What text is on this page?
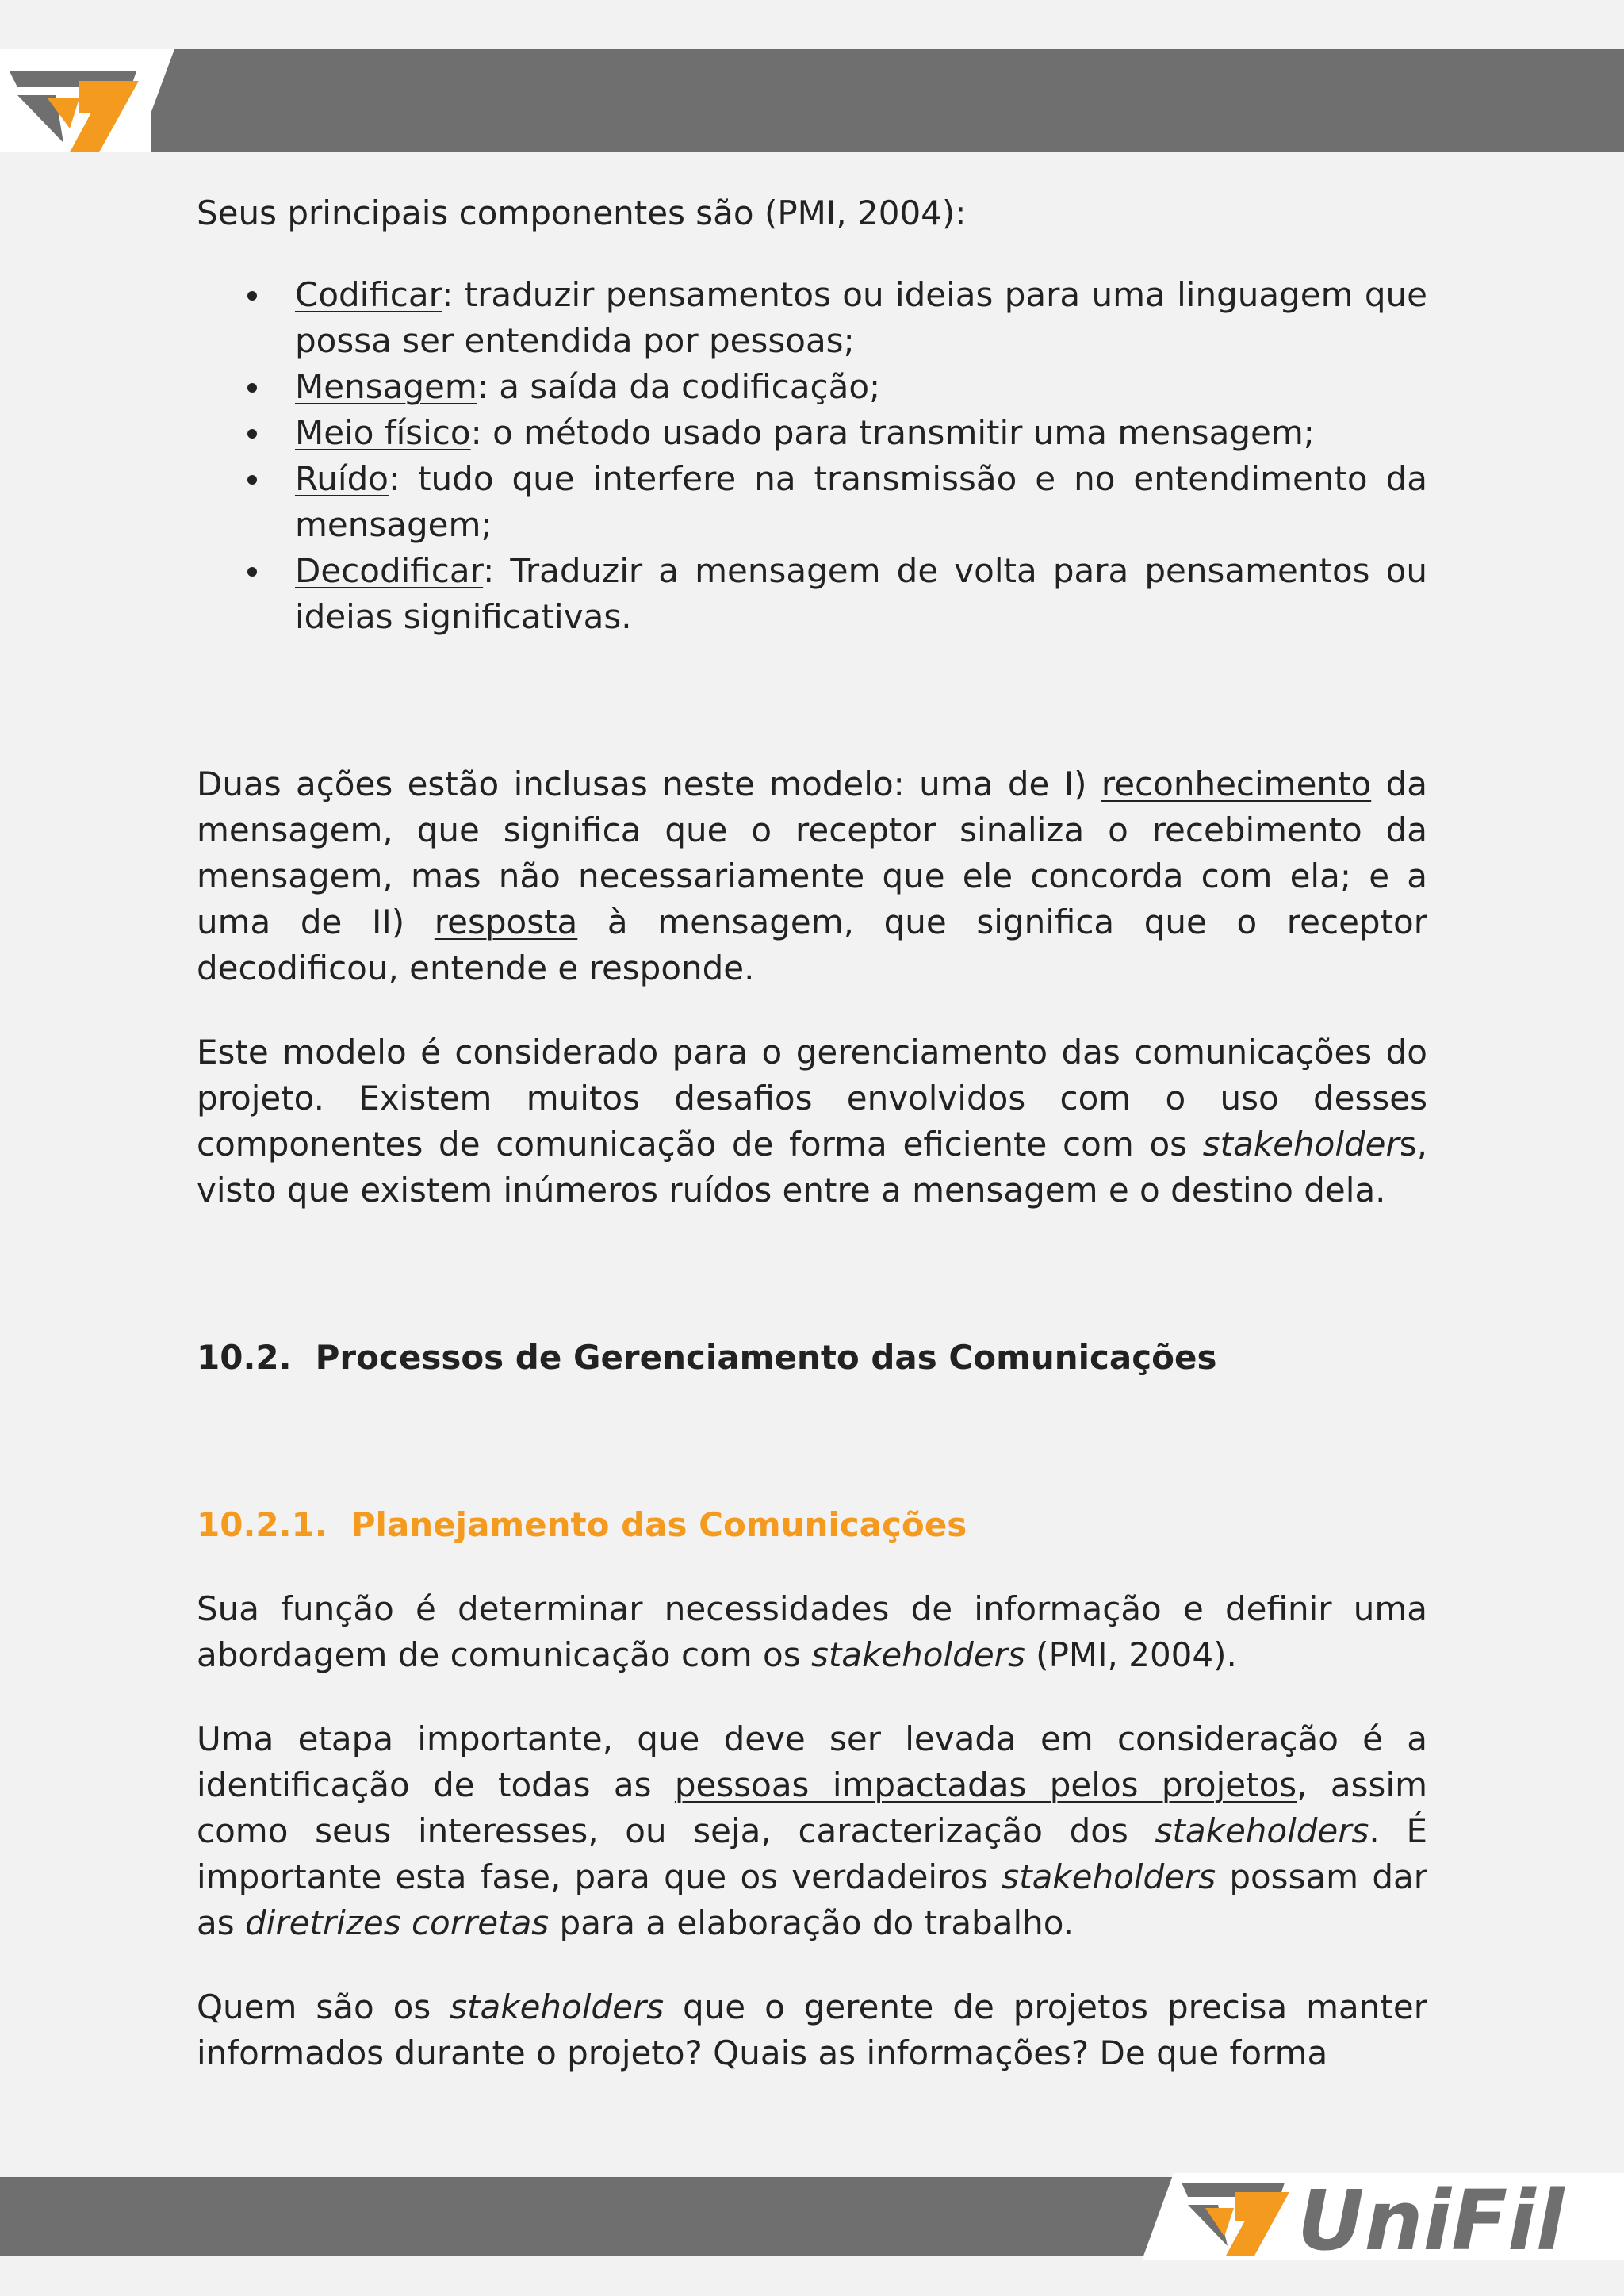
Seus principais componentes são (PMI, 2004):

Codificar: traduzir pensamentos ou ideias para uma linguagem que possa ser entendida por pessoas;
Mensagem: a saída da codificação;
Meio físico: o método usado para transmitir uma mensagem;
Ruído: tudo que interfere na transmissão e no entendimento da mensagem;
Decodificar: Traduzir a mensagem de volta para pensamentos ou ideias significativas.

Duas ações estão inclusas neste modelo: uma de I) reconhecimento da mensagem, que significa que o receptor sinaliza o recebimento da mensagem, mas não necessariamente que ele concorda com ela; e a uma de II) resposta à mensagem, que significa que o receptor decodificou, entende e responde.

Este modelo é considerado para o gerenciamento das comunicações do projeto. Existem muitos desafios envolvidos com o uso desses componentes de comunicação de forma eficiente com os stakeholders, visto que existem inúmeros ruídos entre a mensagem e o destino dela.

10.2. Processos de Gerenciamento das Comunicações

10.2.1. Planejamento das Comunicações

Sua função é determinar necessidades de informação e definir uma abordagem de comunicação com os stakeholders (PMI, 2004).

Uma etapa importante, que deve ser levada em consideração é a identificação de todas as pessoas impactadas pelos projetos, assim como seus interesses, ou seja, caracterização dos stakeholders. É importante esta fase, para que os verdadeiros stakeholders possam dar as diretrizes corretas para a elaboração do trabalho.

Quem são os stakeholders que o gerente de projetos precisa manter informados durante o projeto? Quais as informações? De que forma

UniFil
